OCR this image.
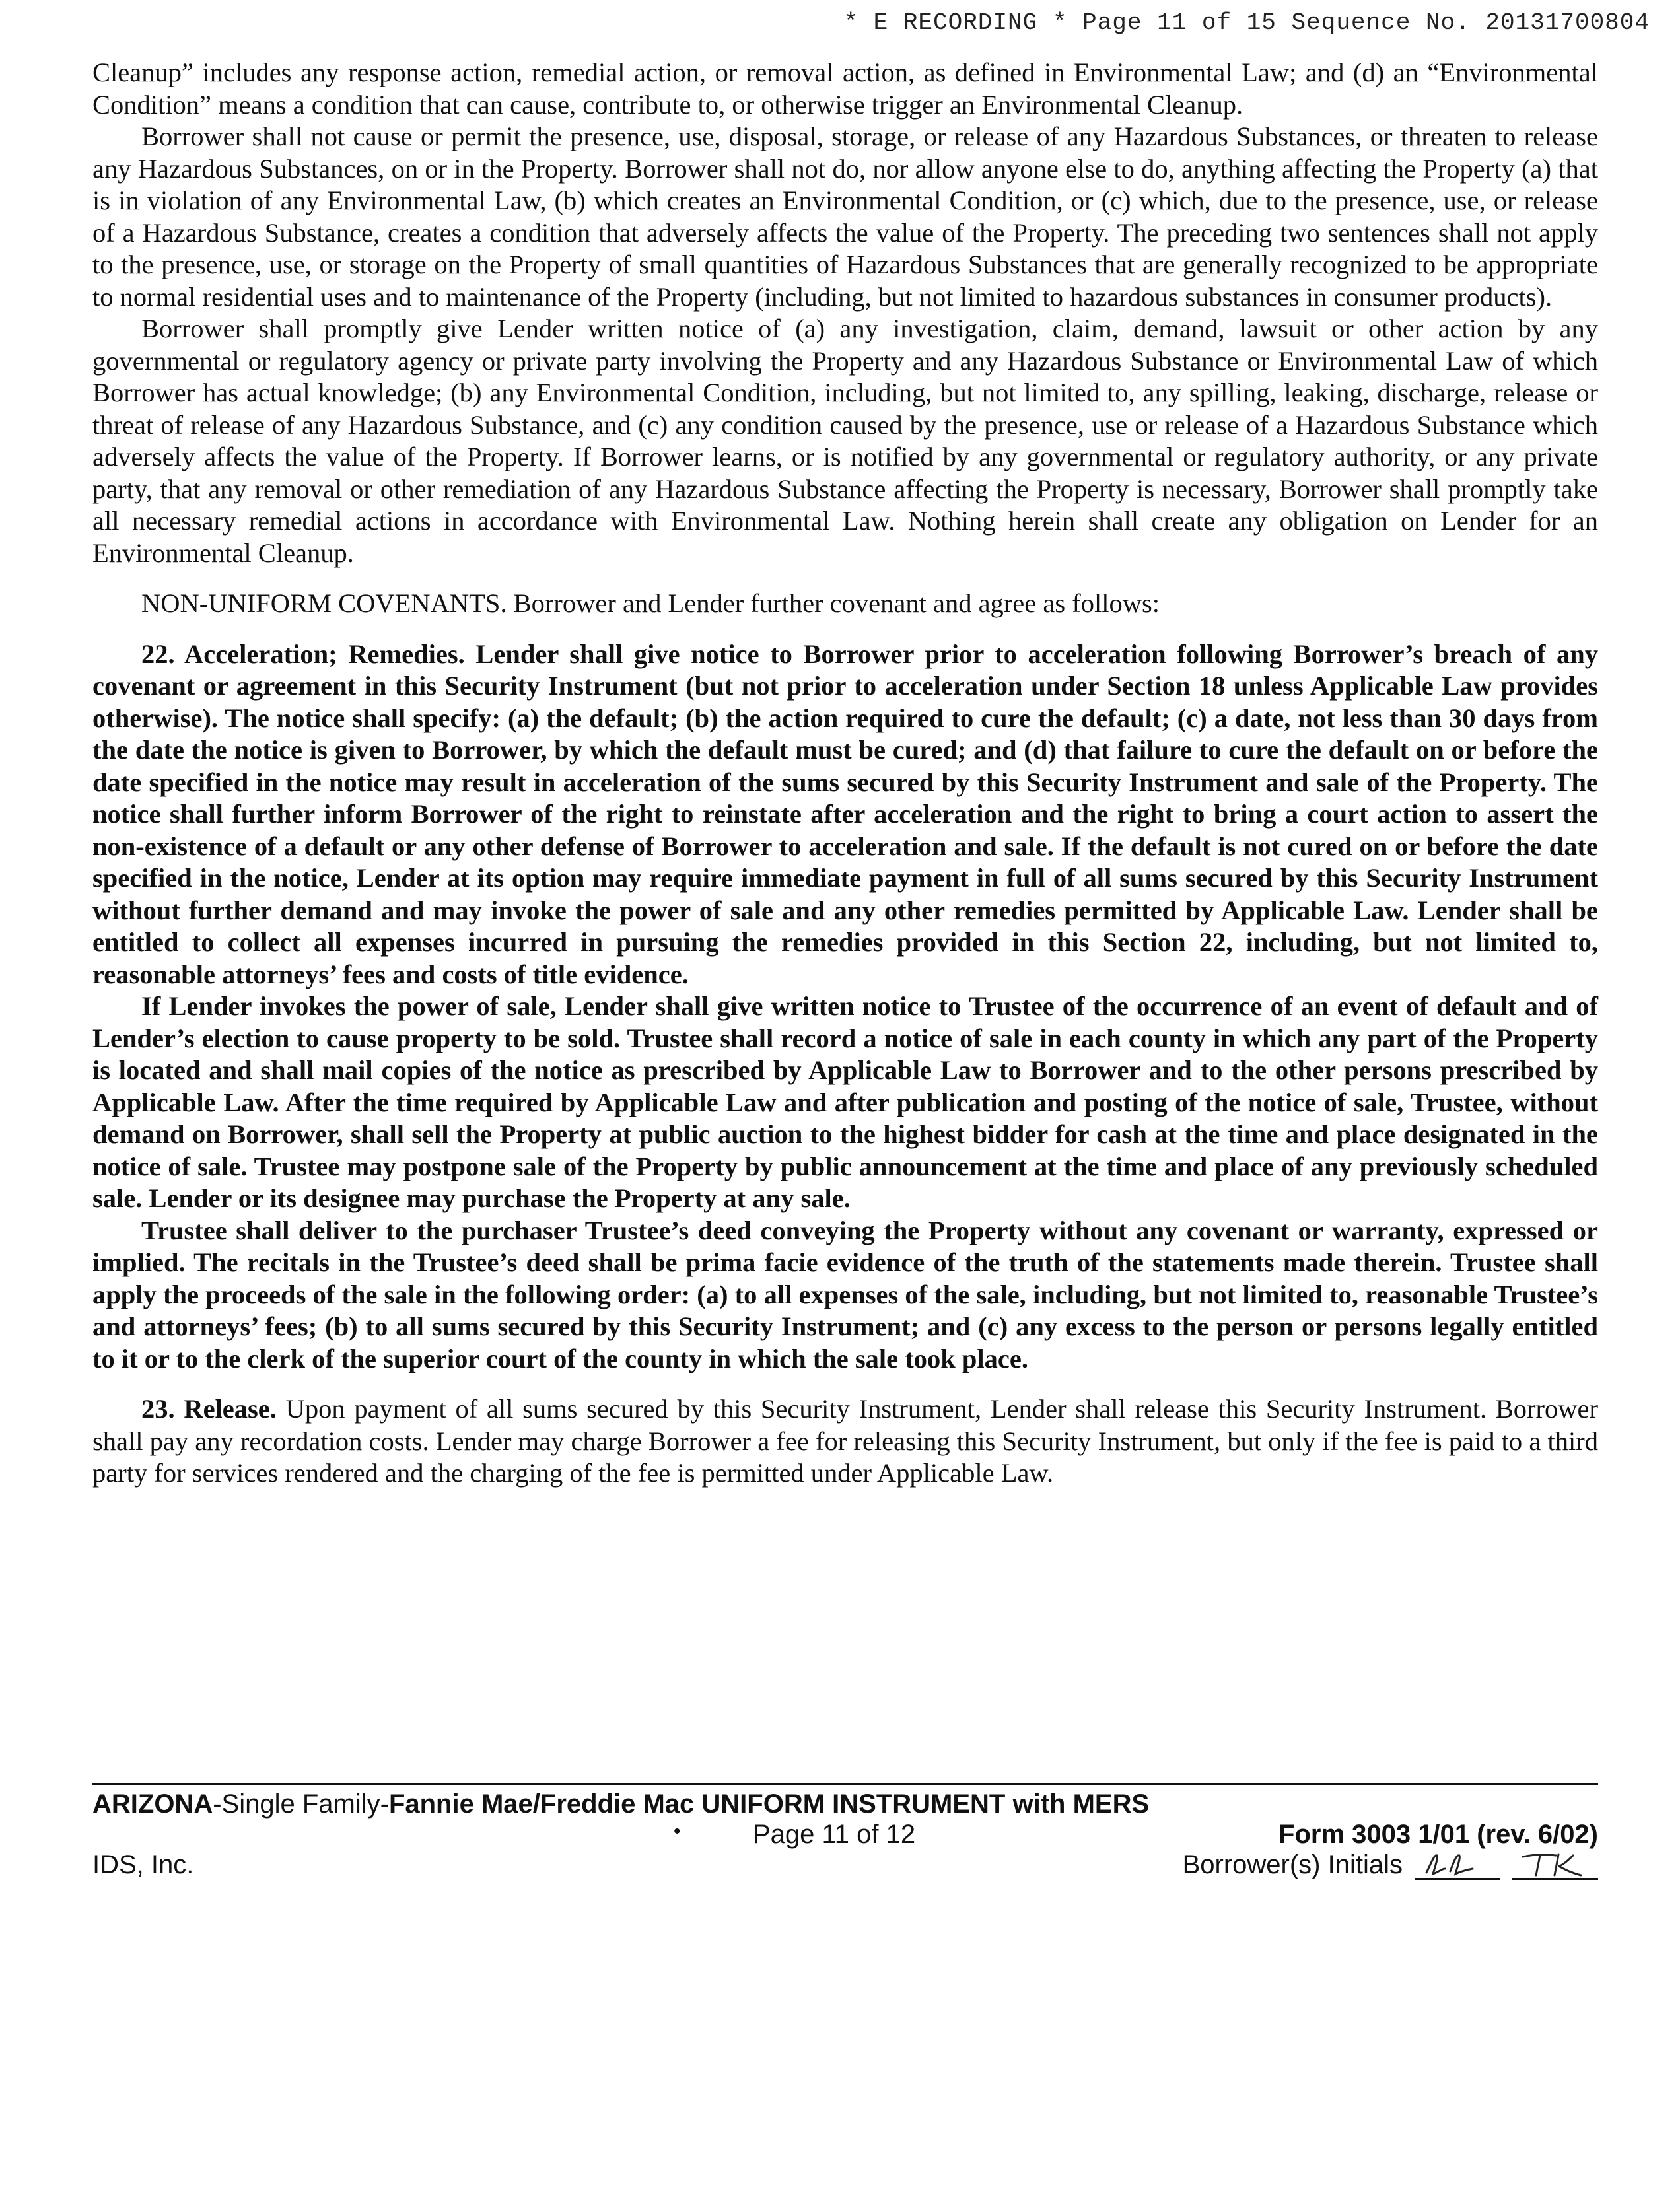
* E RECORDING * Page 11 of 15 Sequence No. 20131700804

Cleanup” includes any response action, remedial action, or removal action, as defined in Environmental Law; and (d) an “Environmental Condition” means a condition that can cause, contribute to, or otherwise trigger an Environmental Cleanup.

Borrower shall not cause or permit the presence, use, disposal, storage, or release of any Hazardous Substances, or threaten to release any Hazardous Substances, on or in the Property. Borrower shall not do, nor allow anyone else to do, anything affecting the Property (a) that is in violation of any Environmental Law, (b) which creates an Environmental Condition, or (c) which, due to the presence, use, or release of a Hazardous Substance, creates a condition that adversely affects the value of the Property. The preceding two sentences shall not apply to the presence, use, or storage on the Property of small quantities of Hazardous Substances that are generally recognized to be appropriate to normal residential uses and to maintenance of the Property (including, but not limited to hazardous substances in consumer products).

Borrower shall promptly give Lender written notice of (a) any investigation, claim, demand, lawsuit or other action by any governmental or regulatory agency or private party involving the Property and any Hazardous Substance or Environmental Law of which Borrower has actual knowledge; (b) any Environmental Condition, including, but not limited to, any spilling, leaking, discharge, release or threat of release of any Hazardous Substance, and (c) any condition caused by the presence, use or release of a Hazardous Substance which adversely affects the value of the Property. If Borrower learns, or is notified by any governmental or regulatory authority, or any private party, that any removal or other remediation of any Hazardous Substance affecting the Property is necessary, Borrower shall promptly take all necessary remedial actions in accordance with Environmental Law. Nothing herein shall create any obligation on Lender for an Environmental Cleanup.

NON-UNIFORM COVENANTS. Borrower and Lender further covenant and agree as follows:

22. Acceleration; Remedies. Lender shall give notice to Borrower prior to acceleration following Borrower’s breach of any covenant or agreement in this Security Instrument (but not prior to acceleration under Section 18 unless Applicable Law provides otherwise). The notice shall specify: (a) the default; (b) the action required to cure the default; (c) a date, not less than 30 days from the date the notice is given to Borrower, by which the default must be cured; and (d) that failure to cure the default on or before the date specified in the notice may result in acceleration of the sums secured by this Security Instrument and sale of the Property. The notice shall further inform Borrower of the right to reinstate after acceleration and the right to bring a court action to assert the non-existence of a default or any other defense of Borrower to acceleration and sale. If the default is not cured on or before the date specified in the notice, Lender at its option may require immediate payment in full of all sums secured by this Security Instrument without further demand and may invoke the power of sale and any other remedies permitted by Applicable Law. Lender shall be entitled to collect all expenses incurred in pursuing the remedies provided in this Section 22, including, but not limited to, reasonable attorneys’ fees and costs of title evidence.

If Lender invokes the power of sale, Lender shall give written notice to Trustee of the occurrence of an event of default and of Lender’s election to cause property to be sold. Trustee shall record a notice of sale in each county in which any part of the Property is located and shall mail copies of the notice as prescribed by Applicable Law to Borrower and to the other persons prescribed by Applicable Law. After the time required by Applicable Law and after publication and posting of the notice of sale, Trustee, without demand on Borrower, shall sell the Property at public auction to the highest bidder for cash at the time and place designated in the notice of sale. Trustee may postpone sale of the Property by public announcement at the time and place of any previously scheduled sale. Lender or its designee may purchase the Property at any sale.

Trustee shall deliver to the purchaser Trustee’s deed conveying the Property without any covenant or warranty, expressed or implied. The recitals in the Trustee’s deed shall be prima facie evidence of the truth of the statements made therein. Trustee shall apply the proceeds of the sale in the following order: (a) to all expenses of the sale, including, but not limited to, reasonable Trustee’s and attorneys’ fees; (b) to all sums secured by this Security Instrument; and (c) any excess to the person or persons legally entitled to it or to the clerk of the superior court of the county in which the sale took place.

23. Release. Upon payment of all sums secured by this Security Instrument, Lender shall release this Security Instrument. Borrower shall pay any recordation costs. Lender may charge Borrower a fee for releasing this Security Instrument, but only if the fee is paid to a third party for services rendered and the charging of the fee is permitted under Applicable Law.

ARIZONA-Single Family-Fannie Mae/Freddie Mac UNIFORM INSTRUMENT with MERS
•	Page 11 of 12	Form 3003 1/01 (rev. 6/02)
IDS, Inc.	Borrower(s) Initials
